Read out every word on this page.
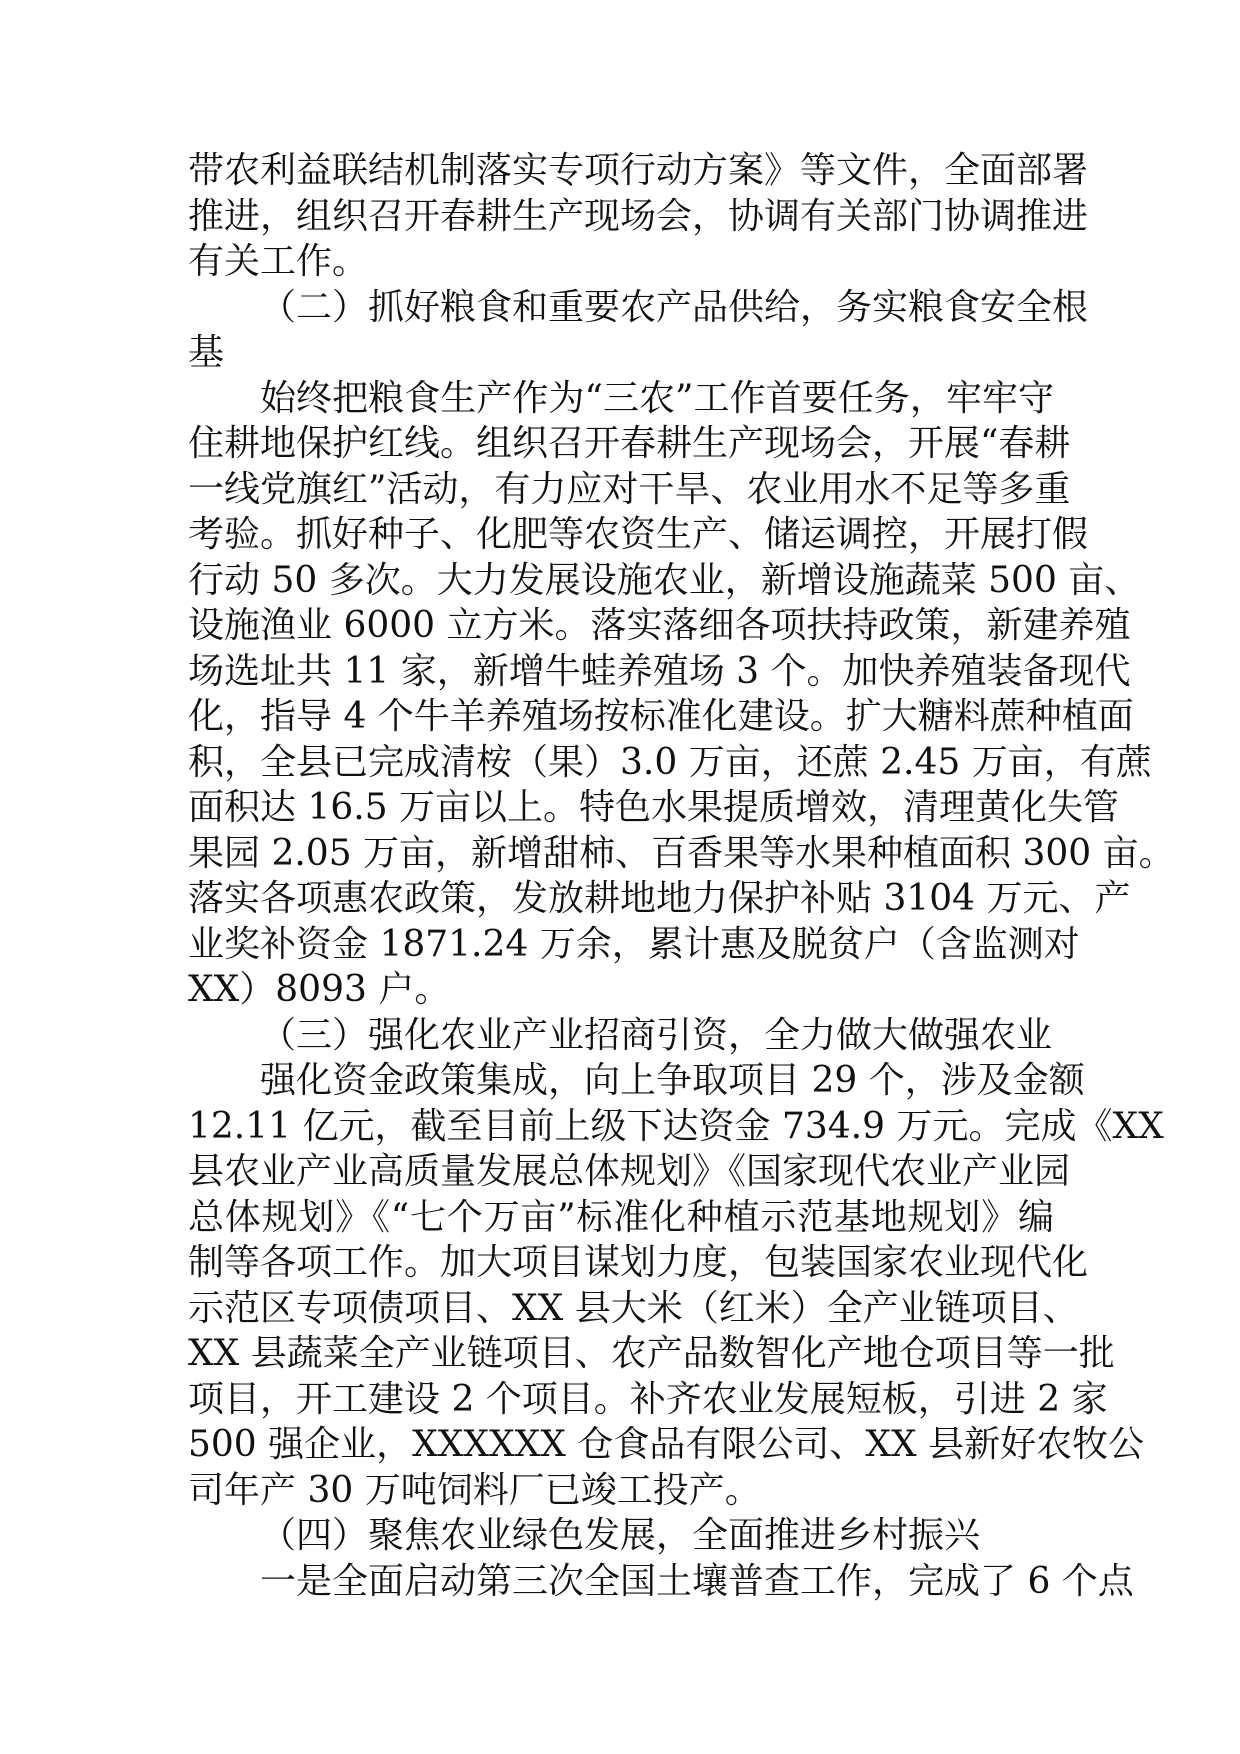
带农利益联结机制落实专项行动方案》等文件，全面部署
推进，组织召开春耕生产现场会，协调有关部门协调推进
有关工作。
（二）抓好粮食和重要农产品供给，务实粮食安全根
基
始终把粮食生产作为“三农”工作首要任务，牢牢守
住耕地保护红线。组织召开春耕生产现场会，开展“春耕
一线党旗红”活动，有力应对干旱、农业用水不足等多重
考验。抓好种子、化肥等农资生产、储运调控，开展打假
行动 50 多次。大力发展设施农业，新增设施蔬菜 500 亩、
设施渔业 6000 立方米。落实落细各项扶持政策，新建养殖
场选址共 11 家，新增牛蛙养殖场 3 个。加快养殖装备现代
化，指导 4 个牛羊养殖场按标准化建设。扩大糖料蔗种植面
积，全县已完成清桉（果）3.0 万亩，还蔗 2.45 万亩，有蔗
面积达 16.5 万亩以上。特色水果提质增效，清理黄化失管
果园 2.05 万亩，新增甜柿、百香果等水果种植面积 300 亩。
落实各项惠农政策，发放耕地地力保护补贴 3104 万元、产
业奖补资金 1871.24 万余，累计惠及脱贫户（含监测对
XX）8093 户。
（三）强化农业产业招商引资，全力做大做强农业
强化资金政策集成，向上争取项目 29 个，涉及金额
12.11 亿元，截至目前上级下达资金 734.9 万元。完成《XX
县农业产业高质量发展总体规划》《国家现代农业产业园
总体规划》《“七个万亩”标准化种植示范基地规划》编
制等各项工作。加大项目谋划力度，包装国家农业现代化
示范区专项债项目、XX 县大米（红米）全产业链项目、
XX 县蔬菜全产业链项目、农产品数智化产地仓项目等一批
项目，开工建设 2 个项目。补齐农业发展短板，引进 2 家
500 强企业，XXXXXX 仓食品有限公司、XX 县新好农牧公
司年产 30 万吨饲料厂已竣工投产。
（四）聚焦农业绿色发展，全面推进乡村振兴
一是全面启动第三次全国土壤普查工作，完成了 6 个点
